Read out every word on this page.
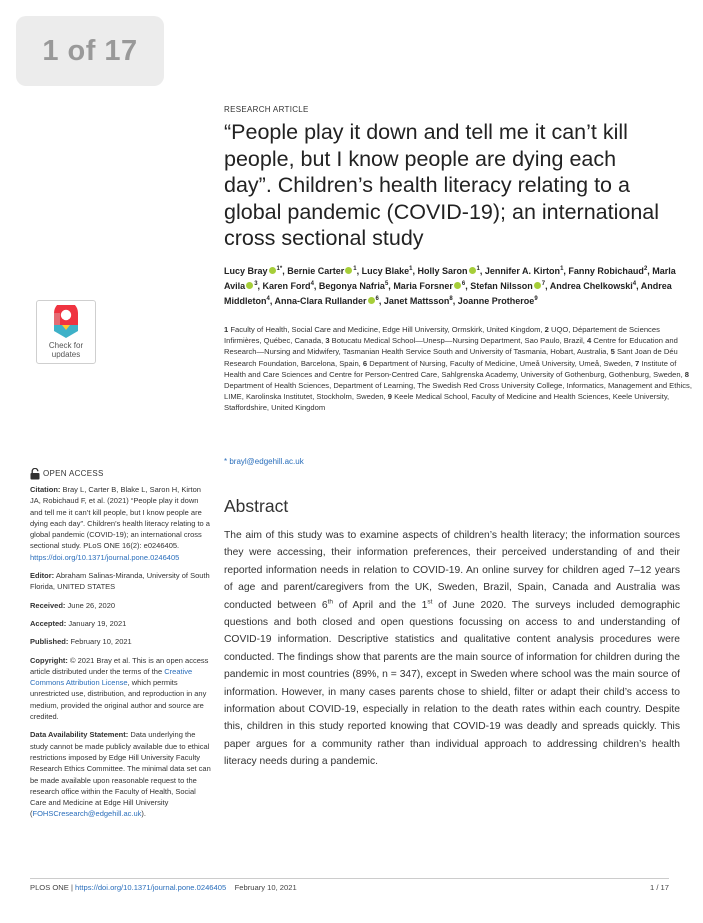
1 of 17
RESEARCH ARTICLE
“People play it down and tell me it can’t kill people, but I know people are dying each day”. Children’s health literacy relating to a global pandemic (COVID-19); an international cross sectional study
Lucy Bray $^{1*}$, Bernie Carter $^1$, Lucy Blake$^1$, Holly Saron $^1$, Jennifer A. Kirton$^1$, Fanny Robichaud$^2$, Marla Avila $^3$, Karen Ford$^4$, Begonya Nafria$^5$, Maria Forsner $^6$, Stefan Nilsson $^7$, Andrea Chelkowski$^4$, Andrea Middleton$^4$, Anna-Clara Rullander $^6$, Janet Mattsson$^8$, Joanne Protheroe$^9$
1 Faculty of Health, Social Care and Medicine, Edge Hill University, Ormskirk, United Kingdom, 2 UQO, Département de Sciences Infirmières, Québec, Canada, 3 Botucatu Medical School—Unesp—Nursing Department, Sao Paulo, Brazil, 4 Centre for Education and Research—Nursing and Midwifery, Tasmanian Health Service South and University of Tasmania, Hobart, Australia, 5 Sant Joan de Déu Research Foundation, Barcelona, Spain, 6 Department of Nursing, Faculty of Medicine, Umeå University, Umeå, Sweden, 7 Institute of Health and Care Sciences and Centre for Person-Centred Care, Sahlgrenska Academy, University of Gothenburg, Gothenburg, Sweden, 8 Department of Health Sciences, Department of Learning, The Swedish Red Cross University College, Informatics, Management and Ethics, LIME, Karolinska Institutet, Stockholm, Sweden, 9 Keele Medical School, Faculty of Medicine and Health Sciences, Keele University, Staffordshire, United Kingdom
* brayl@edgehill.ac.uk
Abstract
The aim of this study was to examine aspects of children’s health literacy; the information sources they were accessing, their information preferences, their perceived understanding of and their reported information needs in relation to COVID-19. An online survey for children aged 7–12 years of age and parent/caregivers from the UK, Sweden, Brazil, Spain, Canada and Australia was conducted between 6th of April and the 1st of June 2020. The surveys included demographic questions and both closed and open questions focussing on access to and understanding of COVID-19 information. Descriptive statistics and qualitative content analysis procedures were conducted. The findings show that parents are the main source of information for children during the pandemic in most countries (89%, n = 347), except in Sweden where school was the main source of information. However, in many cases parents chose to shield, filter or adapt their child’s access to information about COVID-19, especially in relation to the death rates within each country. Despite this, children in this study reported knowing that COVID-19 was deadly and spreads quickly. This paper argues for a community rather than individual approach to addressing children’s health literacy needs during a pandemic.
Check for
updates
OPEN ACCESS

Citation: Bray L, Carter B, Blake L, Saron H, Kirton JA, Robichaud F, et al. (2021) “People play it down and tell me it can’t kill people, but I know people are dying each day”. Children’s health literacy relating to a global pandemic (COVID-19); an international cross sectional study. PLoS ONE 16(2): e0246405. https://doi.org/10.1371/journal.pone.0246405

Editor: Abraham Salinas-Miranda, University of South Florida, UNITED STATES

Received: June 26, 2020

Accepted: January 19, 2021

Published: February 10, 2021

Copyright: © 2021 Bray et al. This is an open access article distributed under the terms of the Creative Commons Attribution License, which permits unrestricted use, distribution, and reproduction in any medium, provided the original author and source are credited.

Data Availability Statement: Data underlying the study cannot be made publicly available due to ethical restrictions imposed by Edge Hill University Faculty Research Ethics Committee. The minimal data set can be made available upon reasonable request to the research office within the Faculty of Health, Social Care and Medicine at Edge Hill University (FOHSCresearch@edgehill.ac.uk).

PLOS ONE | https://doi.org/10.1371/journal.pone.0246405 February 10, 2021	1 / 17
